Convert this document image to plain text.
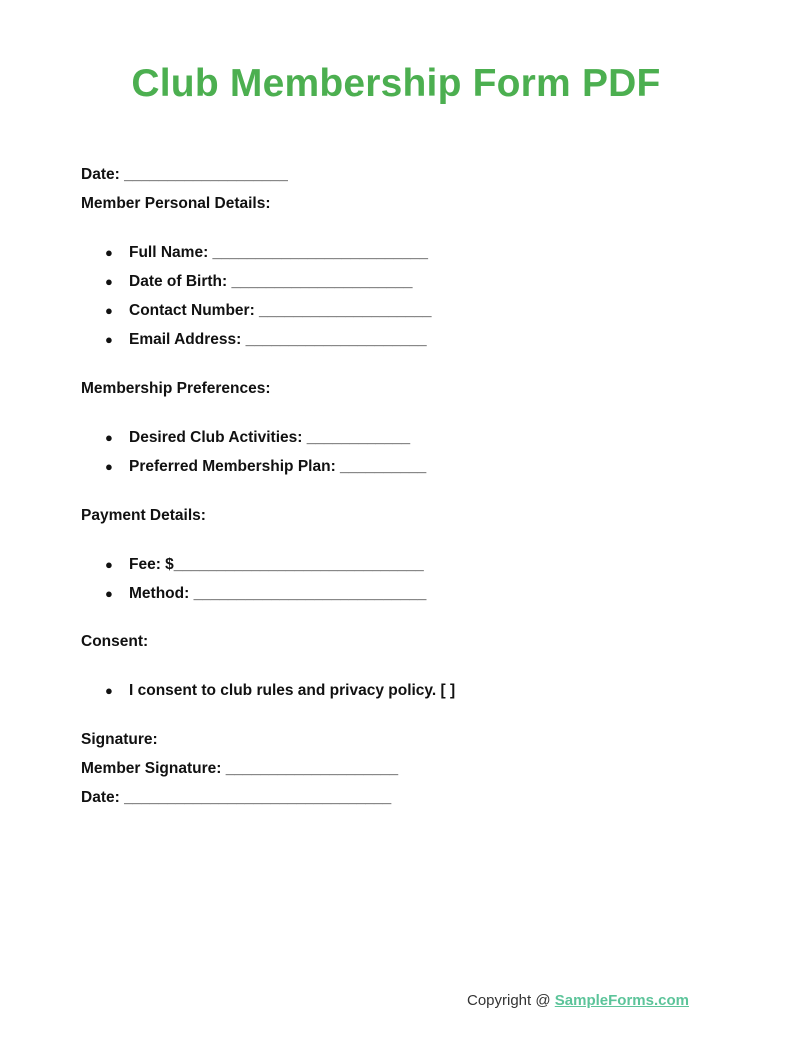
Club Membership Form PDF
Date: ___________________
Member Personal Details:
● Full Name: _________________________
● Date of Birth: _____________________
● Contact Number: ____________________
● Email Address: _____________________
Membership Preferences:
● Desired Club Activities: ____________
● Preferred Membership Plan: __________
Payment Details:
● Fee: $_____________________________
● Method: ___________________________
Consent:
● I consent to club rules and privacy policy. [ ]
Signature:
Member Signature: ____________________
Date: _______________________________
Copyright @ SampleForms.com
